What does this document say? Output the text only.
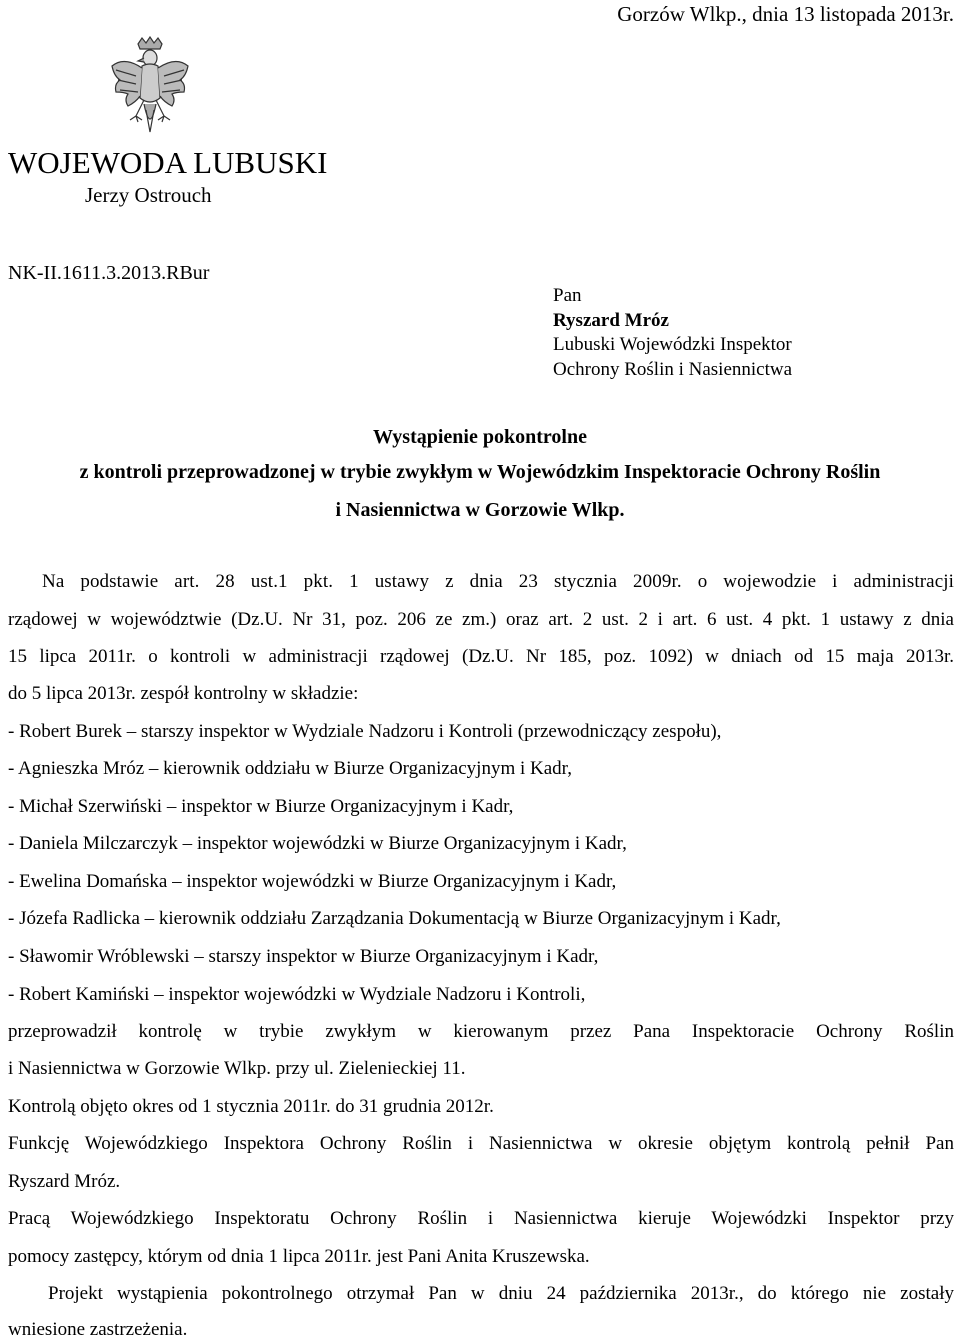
Gorzów Wlkp., dnia 13 listopada 2013r.
WOJEWODA LUBUSKI
Jerzy Ostrouch
NK-II.1611.3.2013.RBur
Pan
Ryszard Mróz
Lubuski Wojewódzki Inspektor
Ochrony Roślin i Nasiennictwa
Wystąpienie pokontrolne
z kontroli przeprowadzonej w trybie zwykłym w Wojewódzkim Inspektoracie Ochrony Roślin
i Nasiennictwa w Gorzowie Wlkp.
Na podstawie art. 28 ust.1 pkt. 1 ustawy z dnia 23 stycznia 2009r. o wojewodzie i administracji
rządowej w województwie (Dz.U. Nr 31, poz. 206 ze zm.) oraz art. 2 ust. 2 i art. 6 ust. 4 pkt. 1 ustawy z dnia
15 lipca 2011r. o kontroli w administracji rządowej (Dz.U. Nr 185, poz. 1092) w dniach od 15 maja 2013r.
do 5 lipca 2013r. zespół kontrolny w składzie:
- Robert Burek – starszy inspektor w Wydziale Nadzoru i Kontroli (przewodniczący zespołu),
- Agnieszka Mróz – kierownik oddziału w Biurze Organizacyjnym i Kadr,
- Michał Szerwiński – inspektor w Biurze Organizacyjnym i Kadr,
- Daniela Milczarczyk – inspektor wojewódzki w Biurze Organizacyjnym i Kadr,
- Ewelina Domańska – inspektor wojewódzki w Biurze Organizacyjnym i Kadr,
- Józefa Radlicka – kierownik oddziału Zarządzania Dokumentacją w Biurze Organizacyjnym i Kadr,
- Sławomir Wróblewski – starszy inspektor w Biurze Organizacyjnym i Kadr,
- Robert Kamiński – inspektor wojewódzki w Wydziale Nadzoru i Kontroli,
przeprowadził kontrolę w trybie zwykłym w kierowanym przez Pana Inspektoracie Ochrony Roślin
i Nasiennictwa w Gorzowie Wlkp. przy ul. Zielenieckiej 11.
Kontrolą objęto okres od 1 stycznia 2011r. do 31 grudnia 2012r.
Funkcję Wojewódzkiego Inspektora Ochrony Roślin i Nasiennictwa w okresie objętym kontrolą pełnił Pan
Ryszard Mróz.
Pracą Wojewódzkiego Inspektoratu Ochrony Roślin i Nasiennictwa kieruje Wojewódzki Inspektor przy
pomocy zastępcy, którym od dnia 1 lipca 2011r. jest Pani Anita Kruszewska.
Projekt wystąpienia pokontrolnego otrzymał Pan w dniu 24 października 2013r., do którego nie zostały
wniesione zastrzeżenia.
